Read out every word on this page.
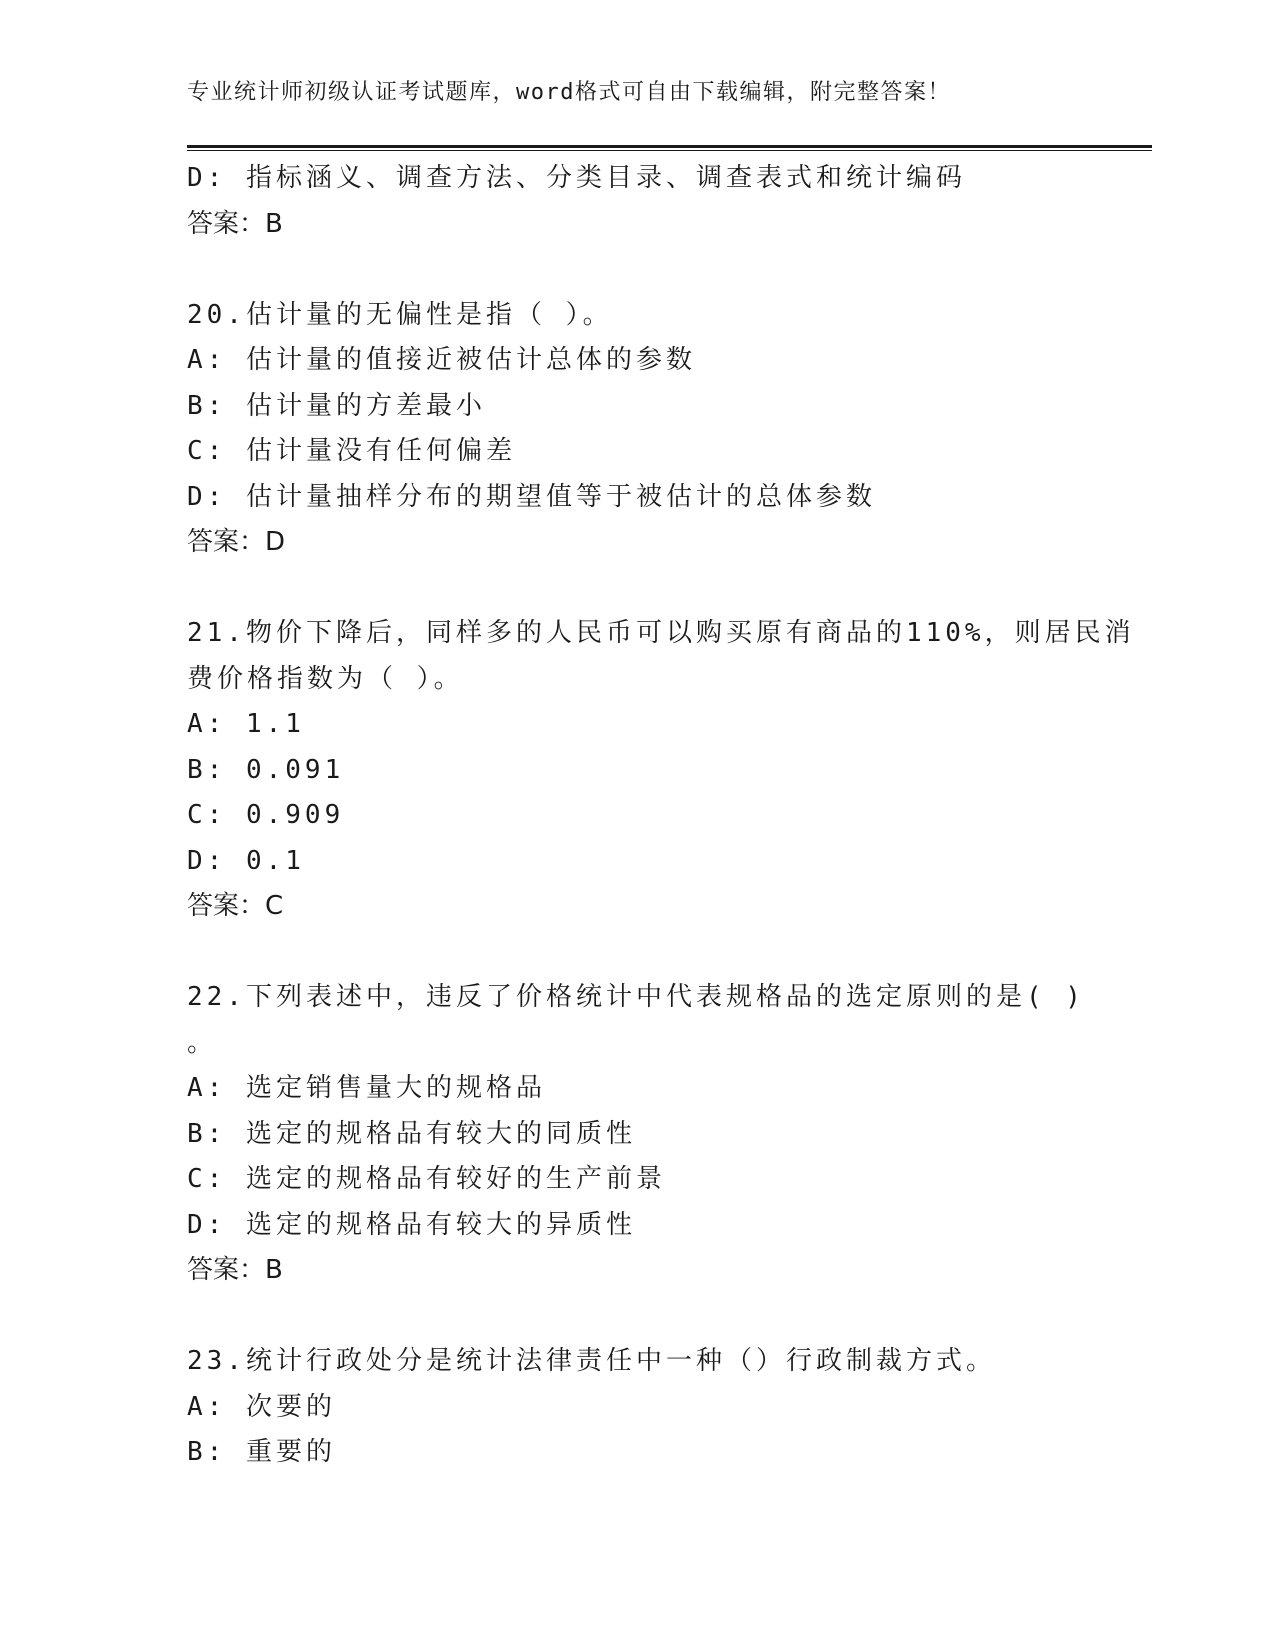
专业统计师初级认证考试题库，word格式可自由下载编辑，附完整答案！
D: 指标涵义、调查方法、分类目录、调查表式和统计编码
答案：B
20.估计量的无偏性是指（ ）。
A: 估计量的值接近被估计总体的参数
B: 估计量的方差最小
C: 估计量没有任何偏差
D: 估计量抽样分布的期望值等于被估计的总体参数
答案：D
21.物价下降后，同样多的人民币可以购买原有商品的110%，则居民消
费价格指数为（ ）。
A: 1.1
B: 0.091
C: 0.909
D: 0.1
答案：C
22.下列表述中，违反了价格统计中代表规格品的选定原则的是( )
。
A: 选定销售量大的规格品
B: 选定的规格品有较大的同质性
C: 选定的规格品有较好的生产前景
D: 选定的规格品有较大的异质性
答案：B
23.统计行政处分是统计法律责任中一种（）行政制裁方式。
A: 次要的
B: 重要的
